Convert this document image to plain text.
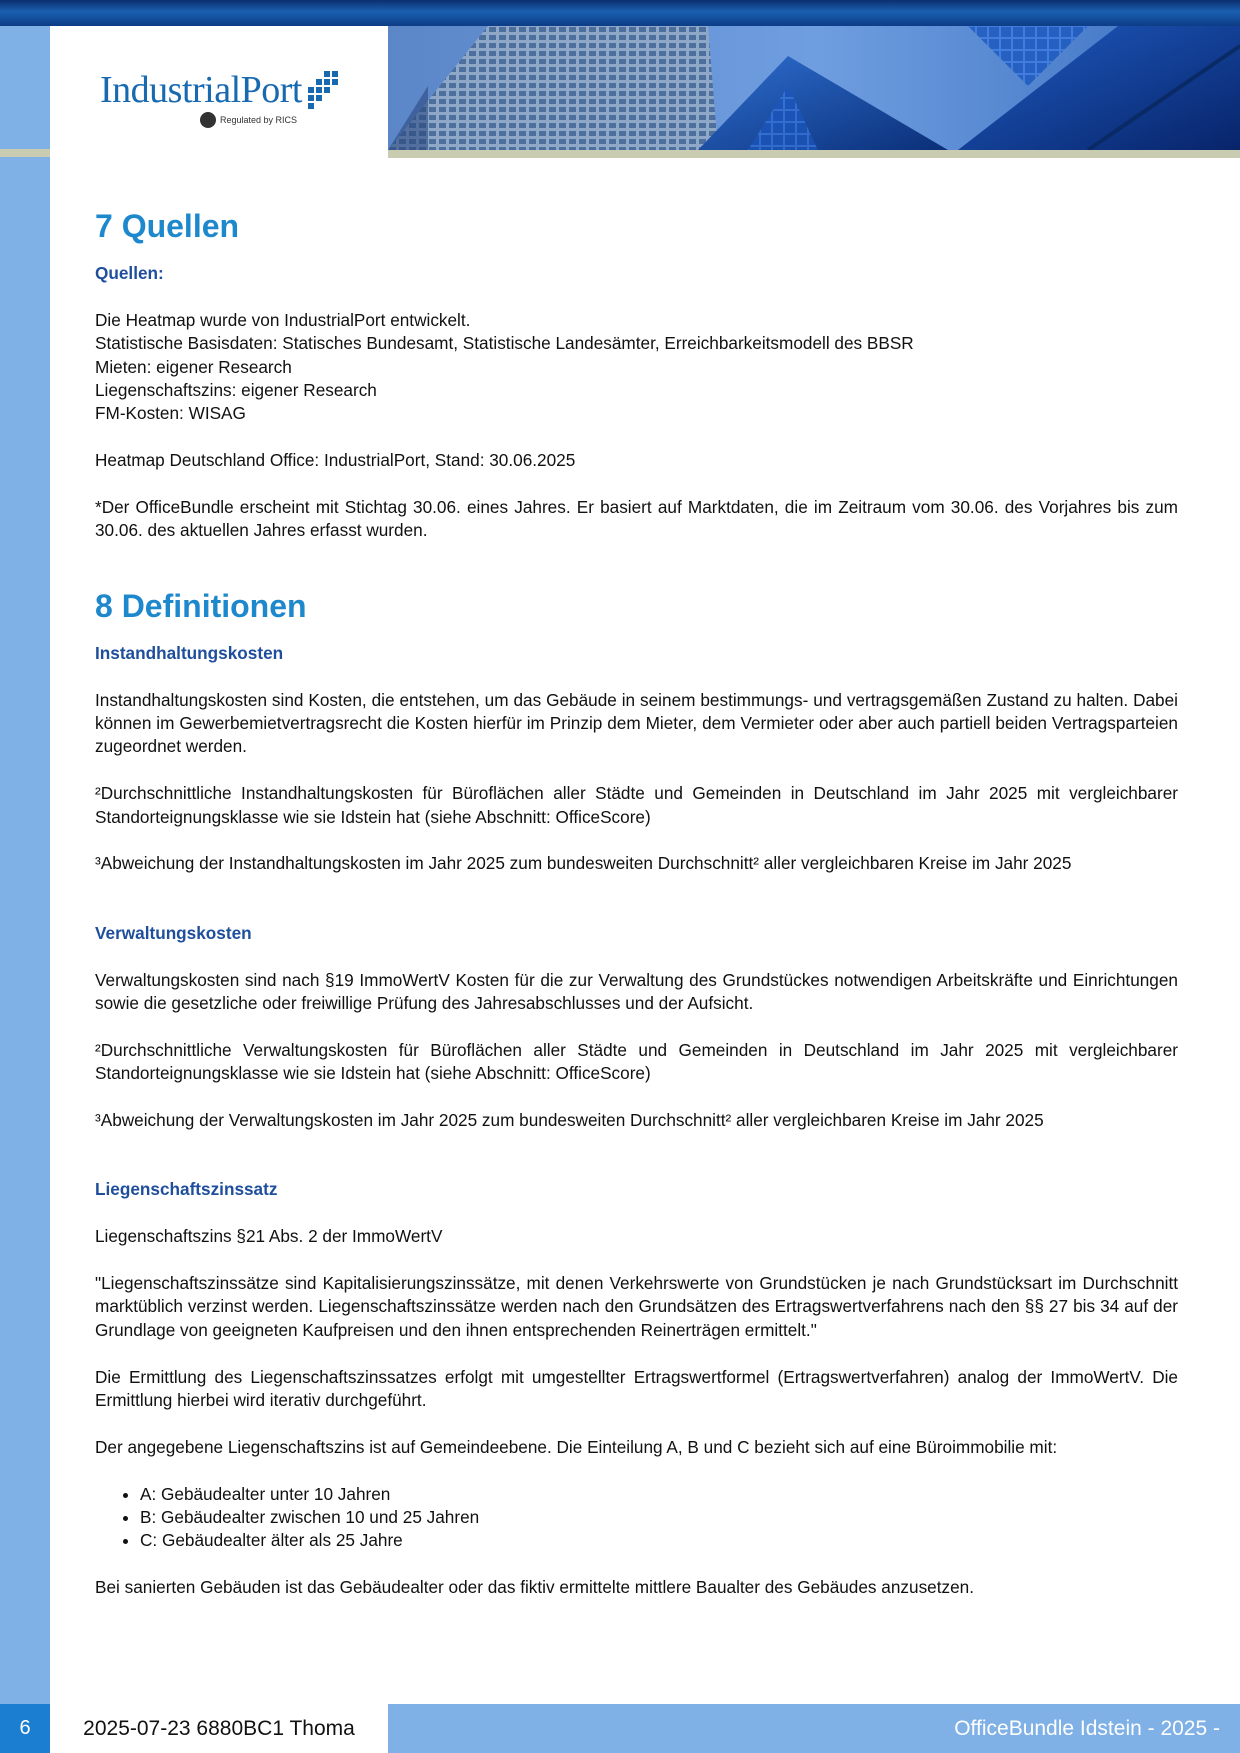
IndustrialPort
Regulated by RICS
7 Quellen
Quellen:

Die Heatmap wurde von IndustrialPort entwickelt.

Statistische Basisdaten: Statisches Bundesamt, Statistische Landesämter, Erreichbarkeitsmodell des BBSR

Mieten: eigener Research

Liegenschaftszins: eigener Research

FM-Kosten: WISAG

Heatmap Deutschland Office: IndustrialPort, Stand: 30.06.2025

*Der OfficeBundle erscheint mit Stichtag 30.06. eines Jahres. Er basiert auf Marktdaten, die im Zeitraum vom 30.06. des Vorjahres bis zum 30.06. des aktuellen Jahres erfasst wurden.

8 Definitionen
Instandhaltungskosten

Instandhaltungskosten sind Kosten, die entstehen, um das Gebäude in seinem bestimmungs- und vertragsgemäßen Zustand zu halten. Dabei können im Gewerbemietvertragsrecht die Kosten hierfür im Prinzip dem Mieter, dem Vermieter oder aber auch partiell beiden Vertragsparteien zugeordnet werden.

²Durchschnittliche Instandhaltungskosten für Büroflächen aller Städte und Gemeinden in Deutschland im Jahr 2025 mit vergleichbarer Standorteignungsklasse wie sie Idstein hat (siehe Abschnitt: OfficeScore)

³Abweichung der Instandhaltungskosten im Jahr 2025 zum bundesweiten Durchschnitt² aller vergleichbaren Kreise im Jahr 2025

Verwaltungskosten

Verwaltungskosten sind nach §19 ImmoWertV Kosten für die zur Verwaltung des Grundstückes notwendigen Arbeitskräfte und Einrichtungen sowie die gesetzliche oder freiwillige Prüfung des Jahresabschlusses und der Aufsicht.

²Durchschnittliche Verwaltungskosten für Büroflächen aller Städte und Gemeinden in Deutschland im Jahr 2025 mit vergleichbarer Standorteignungsklasse wie sie Idstein hat (siehe Abschnitt: OfficeScore)

³Abweichung der Verwaltungskosten im Jahr 2025 zum bundesweiten Durchschnitt² aller vergleichbaren Kreise im Jahr 2025

Liegenschaftszinssatz

Liegenschaftszins §21 Abs. 2 der ImmoWertV

"Liegenschaftszinssätze sind Kapitalisierungszinssätze, mit denen Verkehrswerte von Grundstücken je nach Grundstücksart im Durchschnitt marktüblich verzinst werden. Liegenschaftszinssätze werden nach den Grundsätzen des Ertragswertverfahrens nach den §§ 27 bis 34 auf der Grundlage von geeigneten Kaufpreisen und den ihnen entsprechenden Reinerträgen ermittelt."

Die Ermittlung des Liegenschaftszinssatzes erfolgt mit umgestellter Ertragswertformel (Ertragswertverfahren) analog der ImmoWertV. Die Ermittlung hierbei wird iterativ durchgeführt.

Der angegebene Liegenschaftszins ist auf Gemeindeebene. Die Einteilung A, B und C bezieht sich auf eine Büroimmobilie mit:

• A: Gebäudealter unter 10 Jahren
• B: Gebäudealter zwischen 10 und 25 Jahren
• C: Gebäudealter älter als 25 Jahre

Bei sanierten Gebäuden ist das Gebäudealter oder das fiktiv ermittelte mittlere Baualter des Gebäudes anzusetzen.

6	2025-07-23 6880BC1 Thoma	OfficeBundle Idstein - 2025 -
